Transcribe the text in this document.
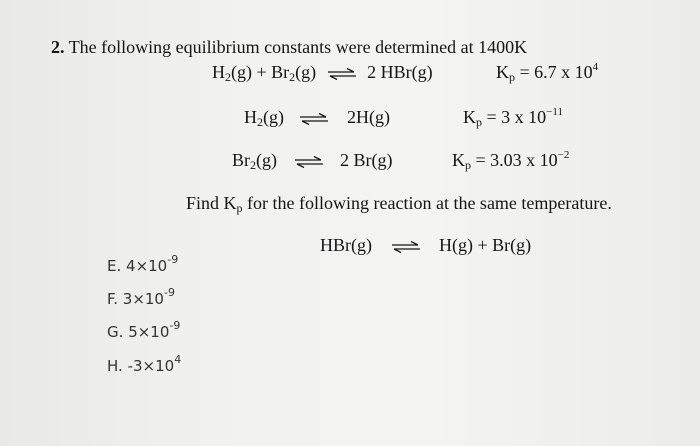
2. The following equilibrium constants were determined at 1400K
$H_2(g) + Br_2(g)$ ⇌ 2 HBr(g)	$K_p = 6.7$ x $10^4$
$H_2(g)$ ⇌ 2H(g)	$K_p = 3$ x $10^{-11}$
$Br_2(g)$ ⇌ 2 Br(g)	$K_p = 3.03$ x $10^{-2}$
Find $K_p$ for the following reaction at the same temperature.
HBr(g) ⇌ H(g) + Br(g)
E. $4\times 10^{-9}$
F. $3\times 10^{-9}$
G. $5\times 10^{-9}$
H. $-3\times 10^4$
